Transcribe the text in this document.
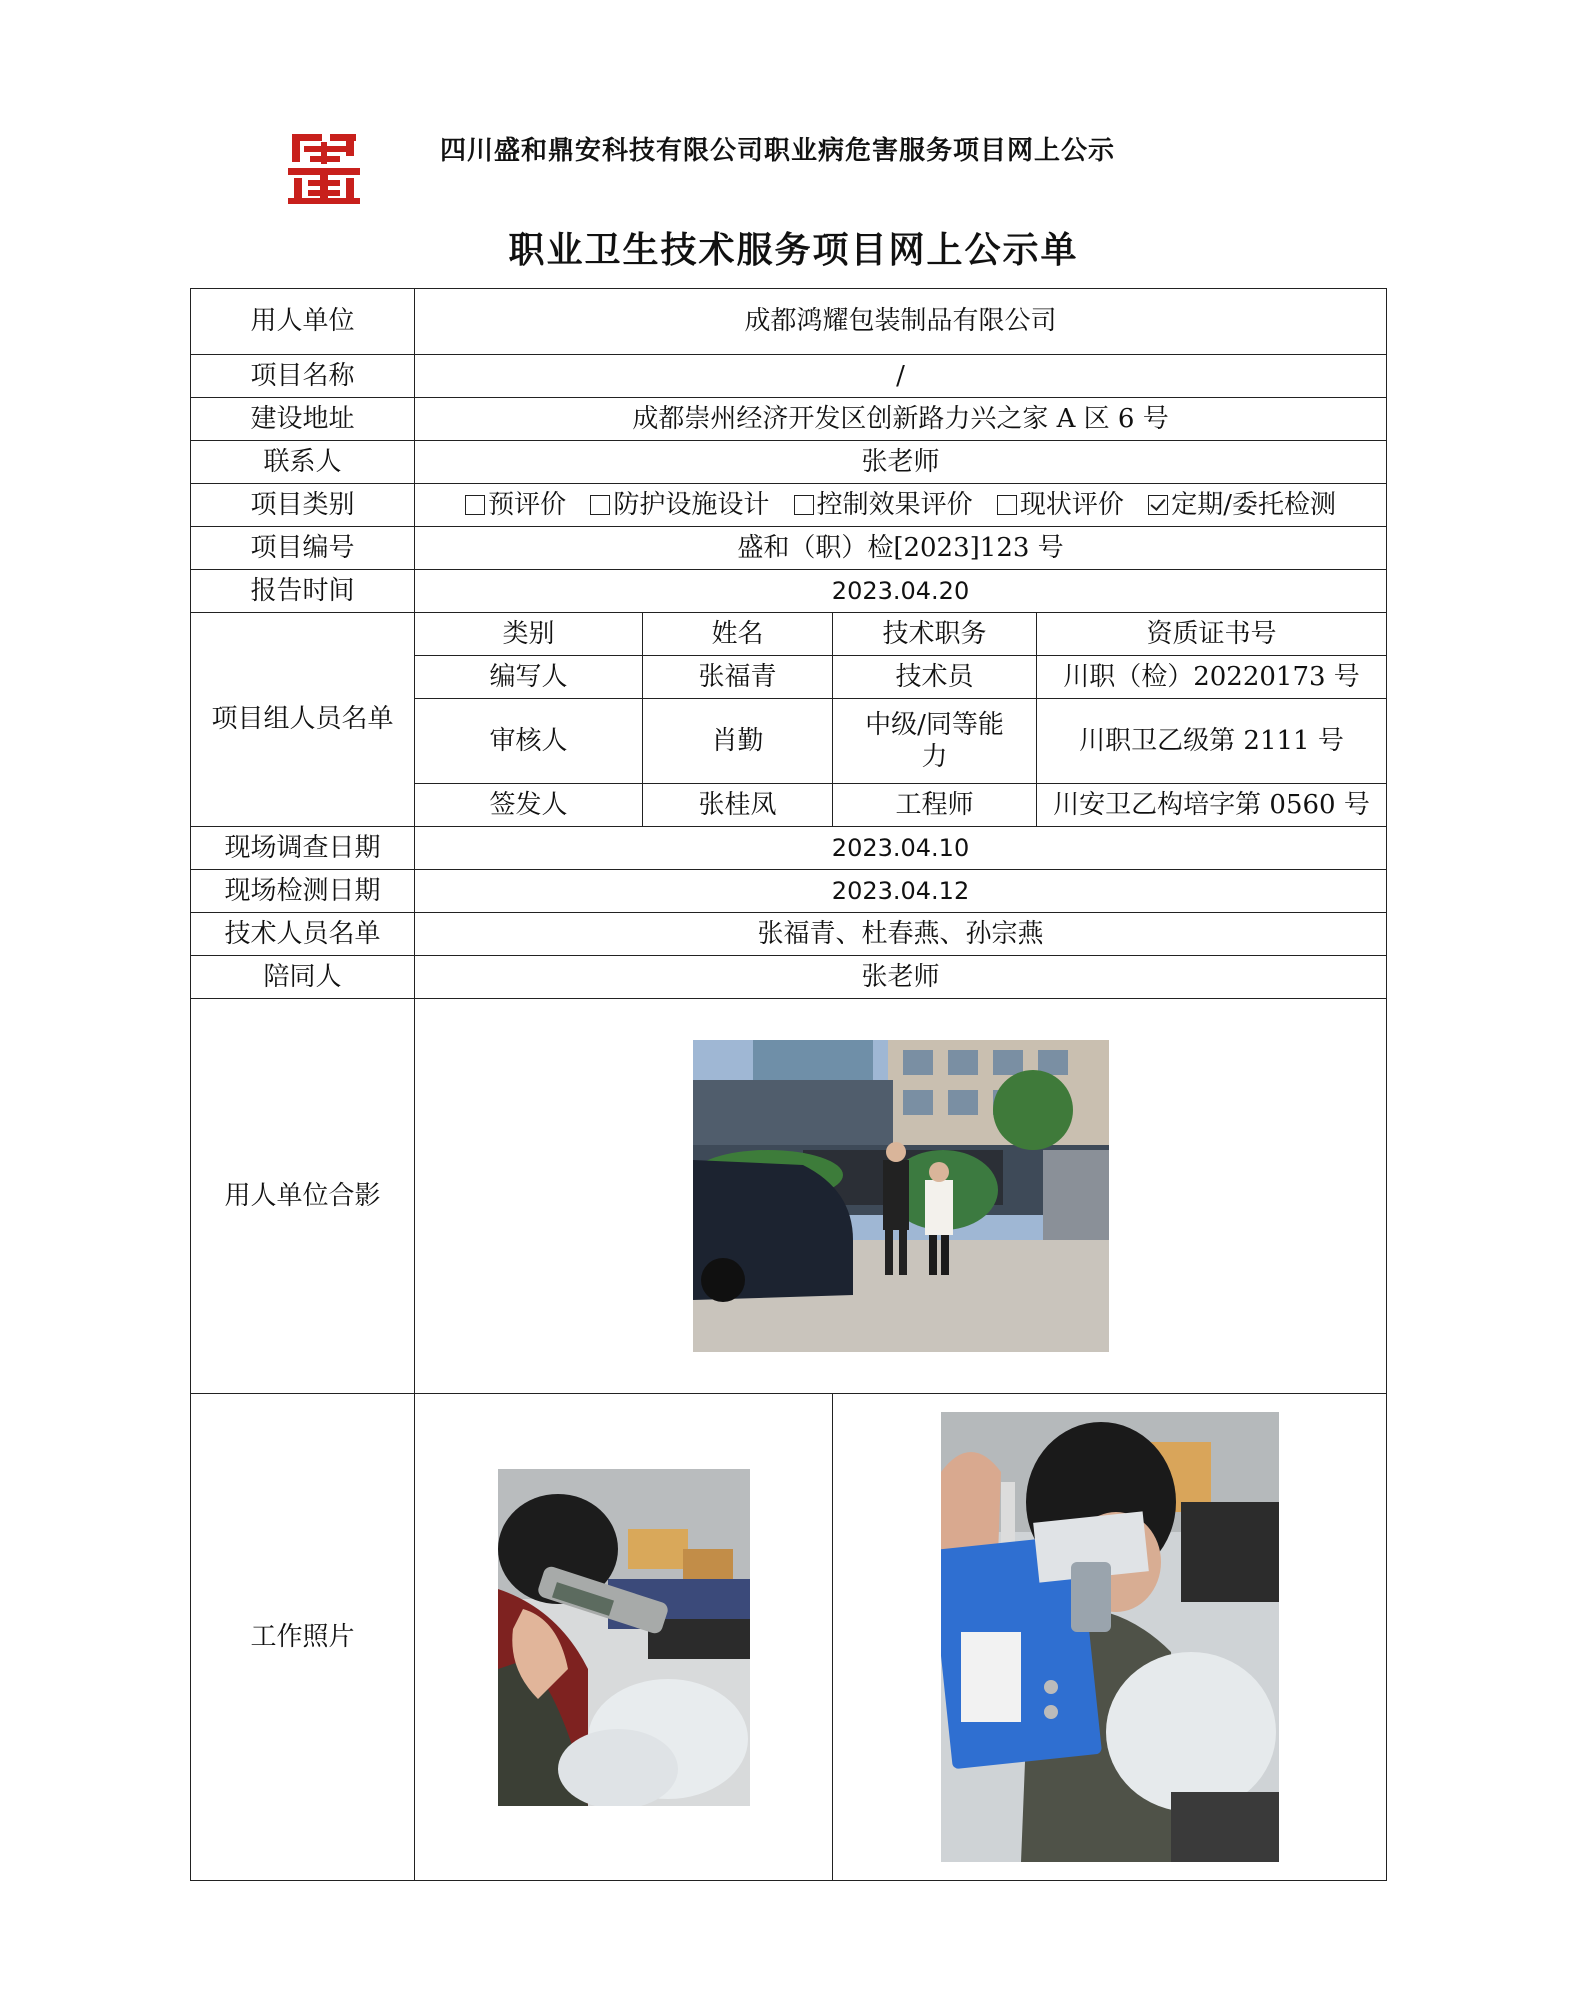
四川盛和鼎安科技有限公司职业病危害服务项目网上公示
职业卫生技术服务项目网上公示单
用人单位	成都鸿耀包装制品有限公司			
项目名称	/			
建设地址	成都崇州经济开发区创新路力兴之家 A 区 6 号			
联系人	张老师			
项目类别	预评价 防护设施设计 控制效果评价 现状评价 定期/委托检测			
项目编号	盛和（职）检[2023]123 号			
报告时间	2023.04.20			
项目组人员名单	类别	姓名	技术职务	资质证书号
	编写人	张福青	技术员	川职（检）20220173 号
	审核人	肖勤	中级/同等能力	川职卫乙级第 2111 号
	签发人	张桂凤	工程师	川安卫乙构培字第 0560 号
现场调查日期	2023.04.10			
现场检测日期	2023.04.12			
技术人员名单	张福青、杜春燕、孙宗燕			
陪同人	张老师			
用人单位合影	

工作照片	
